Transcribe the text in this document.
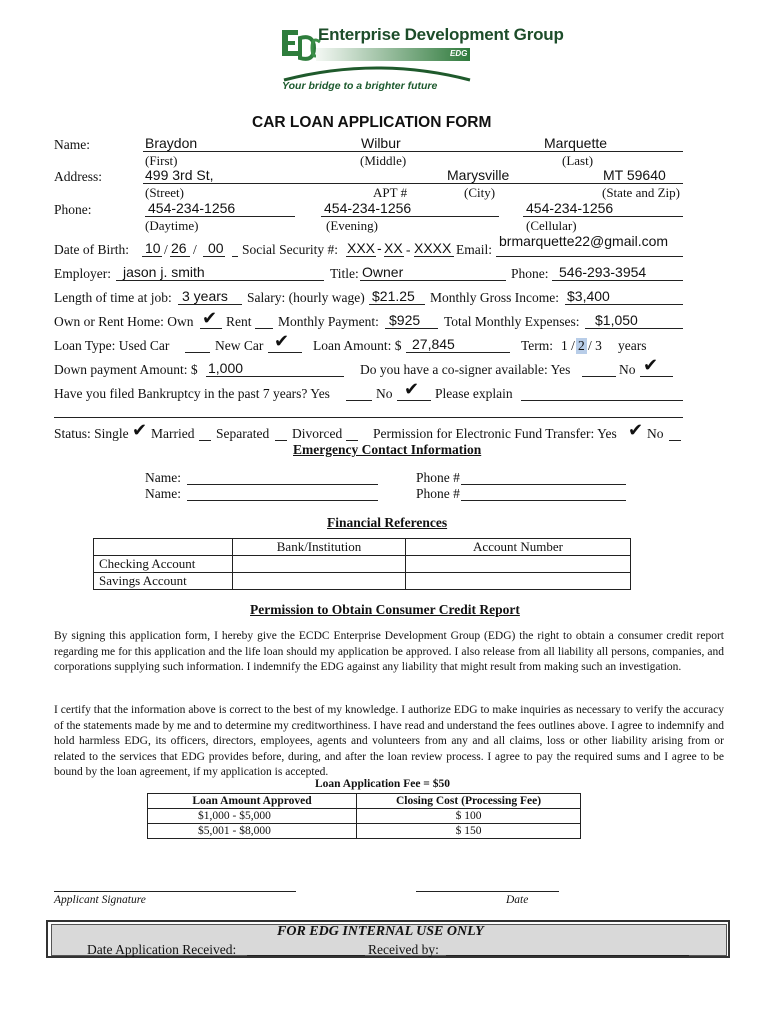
Enterprise Development Group
EDG
Your bridge to a brighter future
CAR LOAN APPLICATION FORM
Name:	Braydon	Wilbur	Marquette
(First)	(Middle)	(Last)
Address:	499 3rd St,	Marysville	MT 59640
(Street)	APT #	(City)	(State and Zip)
Phone:	454-234-1256	454-234-1256	454-234-1256
(Daytime)	(Evening)	(Cellular)
Date of Birth: 10 / 26 / 00 Social Security #: XXX - XX - XXXX Email:
brmarquette22@gmail.com
Employer: jason j. smith	Title: Owner	Phone: 546-293-3954
Length of time at job: 3 years Salary: (hourly wage) $21.25 Monthly Gross Income: $3,400
Own or Rent Home: Own ✔ Rent Monthly Payment: $925 Total Monthly Expenses: $1,050
Loan Type: Used Car	New Car ✔ Loan Amount: $ 27,845	Term: 1 / 2 / 3 years
Down payment Amount: $ 1,000	Do you have a co-signer available: Yes	No ✔
Have you filed Bankruptcy in the past 7 years? Yes	No ✔ Please explain
Status: Single ✔ Married Separated Divorced Permission for Electronic Fund Transfer: Yes ✔ No
Emergency Contact Information
Name:	Phone #
Name:	Phone #
Financial References
	Bank/Institution	Account Number
Checking Account		
Savings Account		
Permission to Obtain Consumer Credit Report
By signing this application form, I hereby give the ECDC Enterprise Development Group (EDG) the right to obtain a consumer credit report regarding me for this application and the life loan should my application be approved. I also release from all liability all persons, companies, and corporations supplying such information. I indemnify the EDG against any liability that might result from making such an investigation.
I certify that the information above is correct to the best of my knowledge. I authorize EDG to make inquiries as necessary to verify the accuracy of the statements made by me and to determine my creditworthiness. I have read and understand the fees outlines above. I agree to indemnify and hold harmless EDG, its officers, directors, employees, agents and volunteers from any and all claims, loss or other liability arising from or related to the services that EDG provides before, during, and after the loan review process. I agree to pay the required sums and I agree to be bound by the loan agreement, if my application is accepted.
Loan Application Fee = $50
Loan Amount Approved	Closing Cost (Processing Fee)
$1,000 - $5,000	$ 100
$5,001 - $8,000	$ 150
Applicant Signature	Date
FOR EDG INTERNAL USE ONLY
Date Application Received:	Received by:
